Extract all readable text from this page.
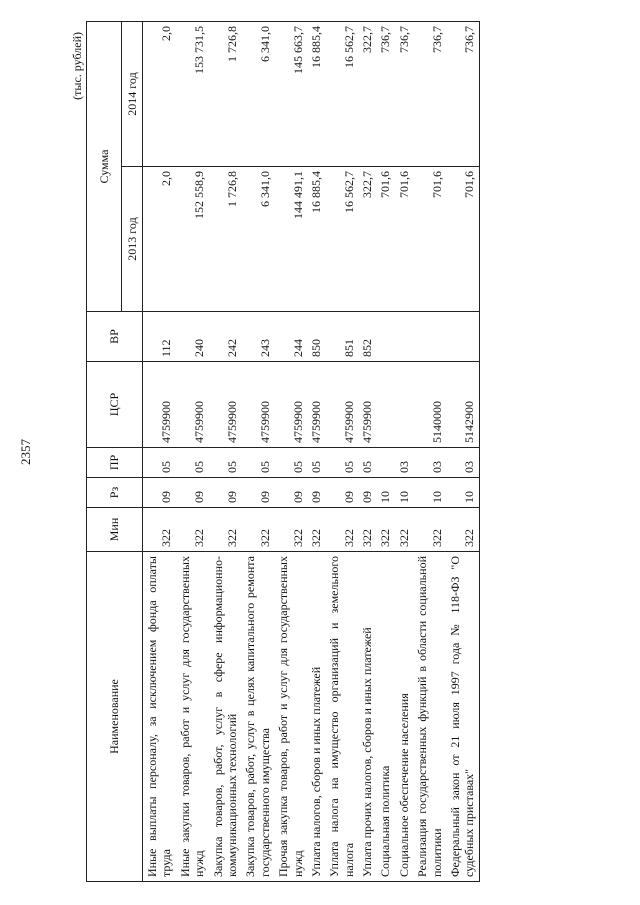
2357
(тыс. рублей)
Наименование	Мин	Рз	ПР	ЦСР	ВР	Сумма	
						2013 год	2014 год
Иные выплаты персоналу, за исключением фонда оплаты труда	322	09	05	4759900	112	2,0	2,0
Иные закупки товаров, работ и услуг для государственных нужд	322	09	05	4759900	240	152 558,9	153 731,5
Закупка товаров, работ, услуг в сфере информационно-коммуникационных технологий	322	09	05	4759900	242	1 726,8	1 726,8
Закупка товаров, работ, услуг в целях капитального ремонта государственного имущества	322	09	05	4759900	243	6 341,0	6 341,0
Прочая закупка товаров, работ и услуг для государственных нужд	322	09	05	4759900	244	144 491,1	145 663,7
Уплата налогов, сборов и иных платежей	322	09	05	4759900	850	16 885,4	16 885,4
Уплата налога на имущество организаций и земельного налога	322	09	05	4759900	851	16 562,7	16 562,7
Уплата прочих налогов, сборов и иных платежей	322	09	05	4759900	852	322,7	322,7
Социальная политика	322	10				701,6	736,7
Социальное обеспечение населения	322	10	03			701,6	736,7
Реализация государственных функций в области социальной политики	322	10	03	5140000		701,6	736,7
Федеральный закон от 21 июля 1997 года № 118-ФЗ "О судебных приставах"	322	10	03	5142900		701,6	736,7
